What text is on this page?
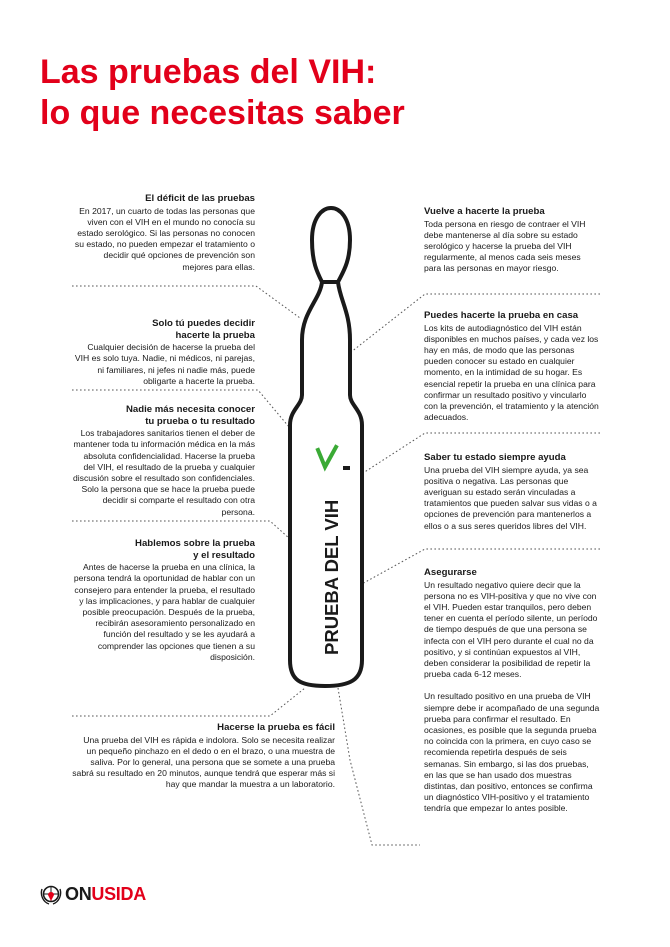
Las pruebas del VIH:
lo que necesitas saber
PRUEBA DEL VIH
El déficit de las pruebas

En 2017, un cuarto de todas las personas que viven con el VIH en el mundo no conocía su estado serológico. Si las personas no conocen su estado, no pueden empezar el tratamiento o decidir qué opciones de prevención son mejores para ellas.

Solo tú puedes decidir
hacerte la prueba

Cualquier decisión de hacerse la prueba del VIH es solo tuya. Nadie, ni médicos, ni parejas, ni familiares, ni jefes ni nadie más, puede obligarte a hacerte la prueba.

Nadie más necesita conocer
tu prueba o tu resultado

Los trabajadores sanitarios tienen el deber de mantener toda tu información médica en la más absoluta confidencialidad. Hacerse la prueba del VIH, el resultado de la prueba y cualquier discusión sobre el resultado son confidenciales. Solo la persona que se hace la prueba puede decidir si comparte el resultado con otra persona.

Hablemos sobre la prueba
y el resultado

Antes de hacerse la prueba en una clínica, la persona tendrá la oportunidad de hablar con un consejero para entender la prueba, el resultado y las implicaciones, y para hablar de cualquier posible preocupación. Después de la prueba, recibirán asesoramiento personalizado en función del resultado y se les ayudará a comprender las opciones que tienen a su disposición.

Hacerse la prueba es fácil

Una prueba del VIH es rápida e indolora. Solo se necesita realizar un pequeño pinchazo en el dedo o en el brazo, o una muestra de saliva. Por lo general, una persona que se somete a una prueba sabrá su resultado en 20 minutos, aunque tendrá que esperar más si hay que mandar la muestra a un laboratorio.

Vuelve a hacerte la prueba

Toda persona en riesgo de contraer el VIH debe mantenerse al día sobre su estado serológico y hacerse la prueba del VIH regularmente, al menos cada seis meses para las personas en mayor riesgo.

Puedes hacerte la prueba en casa

Los kits de autodiagnóstico del VIH están disponibles en muchos países, y cada vez los hay en más, de modo que las personas pueden conocer su estado en cualquier momento, en la intimidad de su hogar. Es esencial repetir la prueba en una clínica para confirmar un resultado positivo y vincularlo con la prevención, el tratamiento y la atención adecuados.

Saber tu estado siempre ayuda

Una prueba del VIH siempre ayuda, ya sea positiva o negativa. Las personas que averiguan su estado serán vinculadas a tratamientos que pueden salvar sus vidas o a opciones de prevención para mantenerlos a ellos o a sus seres queridos libres del VIH.

Asegurarse

Un resultado negativo quiere decir que la persona no es VIH-positiva y que no vive con el VIH. Pueden estar tranquilos, pero deben tener en cuenta el período silente, un período de tiempo después de que una persona se infecta con el VIH pero durante el cual no da positivo, y si continúan expuestos al VIH, deben considerar la posibilidad de repetir la prueba cada 6-12 meses.

Un resultado positivo en una prueba de VIH siempre debe ir acompañado de una segunda prueba para confirmar el resultado. En ocasiones, es posible que la segunda prueba no coincida con la primera, en cuyo caso se recomienda repetirla después de seis semanas. Sin embargo, si las dos pruebas, en las que se han usado dos muestras distintas, dan positivo, entonces se confirma un diagnóstico VIH-positivo y el tratamiento tendría que empezar lo antes posible.

ONUSIDA
